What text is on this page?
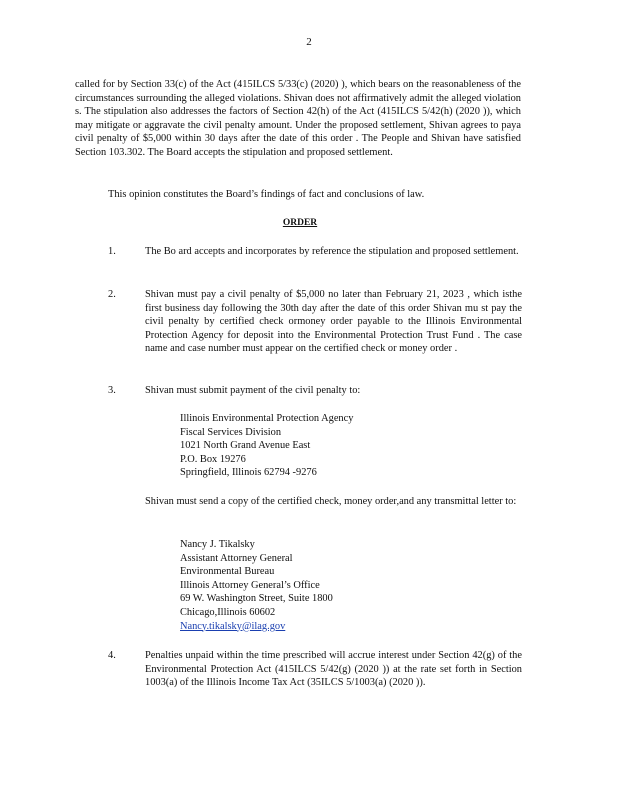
2
called for by Section 33(c) of the Act (415ILCS 5/33(c) (2020) ), which bears on the reasonableness of the circumstances surrounding the alleged violations. Shivan does not affirmatively admit the alleged violation s. The stipulation also addresses the factors of Section 42(h) of the Act (415ILCS 5/42(h) (2020 )), which may mitigate or aggravate the civil penalty amount. Under the proposed settlement, Shivan agrees to paya civil penalty of $5,000 within 30 days after the date of this order . The People and Shivan have satisfied Section 103.302. The Board accepts the stipulation and proposed settlement.
This opinion constitutes the Board’s findings of fact and conclusions of law.
ORDER
1.	The Bo ard accepts and incorporates by reference the stipulation and proposed settlement.
2.	Shivan must pay a civil penalty of $5,000 no later than February 21, 2023 , which isthe first business day following the 30th day after the date of this order Shivan mu st pay the civil penalty by certified check ormoney order payable to the Illinois Environmental Protection Agency for deposit into the Environmental Protection Trust Fund . The case name and case number must appear on the certified check or money order .
3.	Shivan must submit payment of the civil penalty to:
Illinois Environmental Protection Agency
Fiscal Services Division
1021 North Grand Avenue East
P.O. Box 19276
Springfield, Illinois 62794 -9276
Shivan must send a copy of the certified check, money order,and any transmittal letter to:
Nancy J. Tikalsky
Assistant Attorney General
Environmental Bureau
Illinois Attorney General’s Office
69 W. Washington Street, Suite 1800
Chicago,Illinois 60602
Nancy.tikalsky@ilag.gov
4.	Penalties unpaid within the time prescribed will accrue interest under Section 42(g) of the Environmental Protection Act (415ILCS 5/42(g) (2020 )) at the rate set forth in Section 1003(a) of the Illinois Income Tax Act (35ILCS 5/1003(a) (2020 )).
